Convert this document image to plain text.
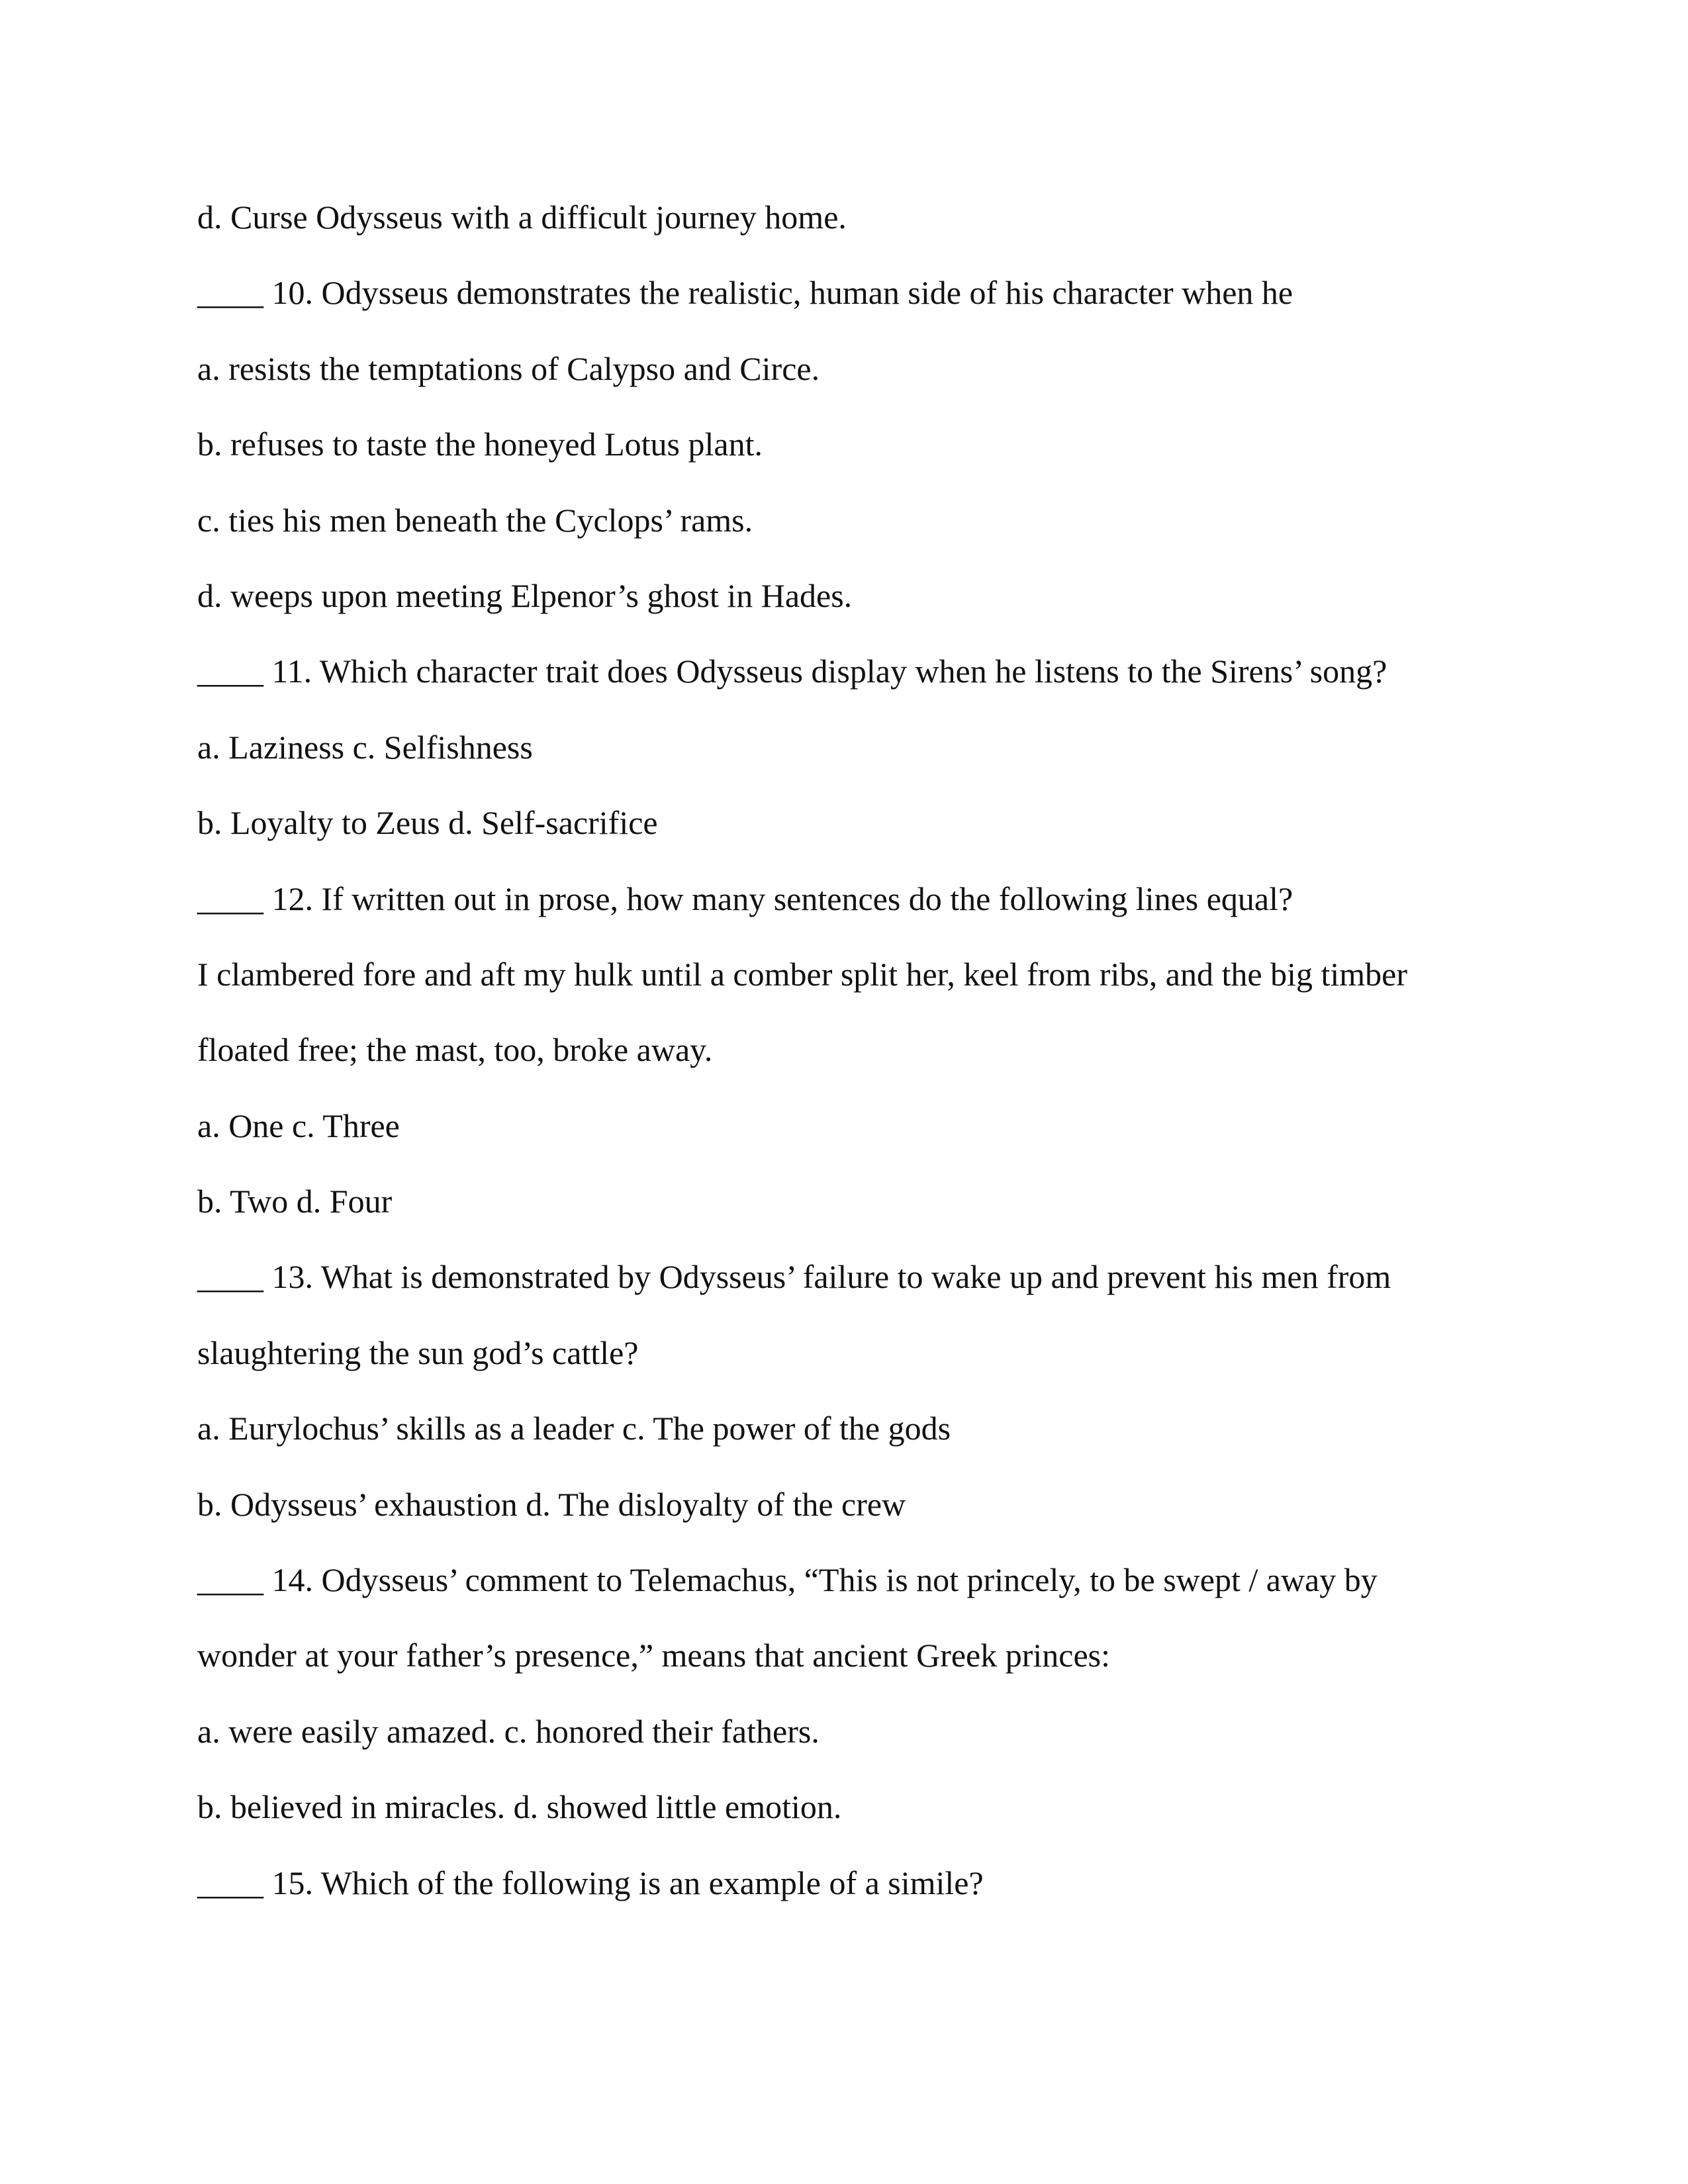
d. Curse Odysseus with a difficult journey home.
____ 10. Odysseus demonstrates the realistic, human side of his character when he
a. resists the temptations of Calypso and Circe.
b. refuses to taste the honeyed Lotus plant.
c. ties his men beneath the Cyclops’ rams.
d. weeps upon meeting Elpenor’s ghost in Hades.
____ 11. Which character trait does Odysseus display when he listens to the Sirens’ song?
a. Laziness c. Selfishness
b. Loyalty to Zeus d. Self-sacrifice
____ 12. If written out in prose, how many sentences do the following lines equal?
I clambered fore and aft my hulk until a comber split her, keel from ribs, and the big timber
floated free; the mast, too, broke away.
a. One c. Three
b. Two d. Four
____ 13. What is demonstrated by Odysseus’ failure to wake up and prevent his men from
slaughtering the sun god’s cattle?
a. Eurylochus’ skills as a leader c. The power of the gods
b. Odysseus’ exhaustion d. The disloyalty of the crew
____ 14. Odysseus’ comment to Telemachus, “This is not princely, to be swept / away by
wonder at your father’s presence,” means that ancient Greek princes:
a. were easily amazed. c. honored their fathers.
b. believed in miracles. d. showed little emotion.
____ 15. Which of the following is an example of a simile?
